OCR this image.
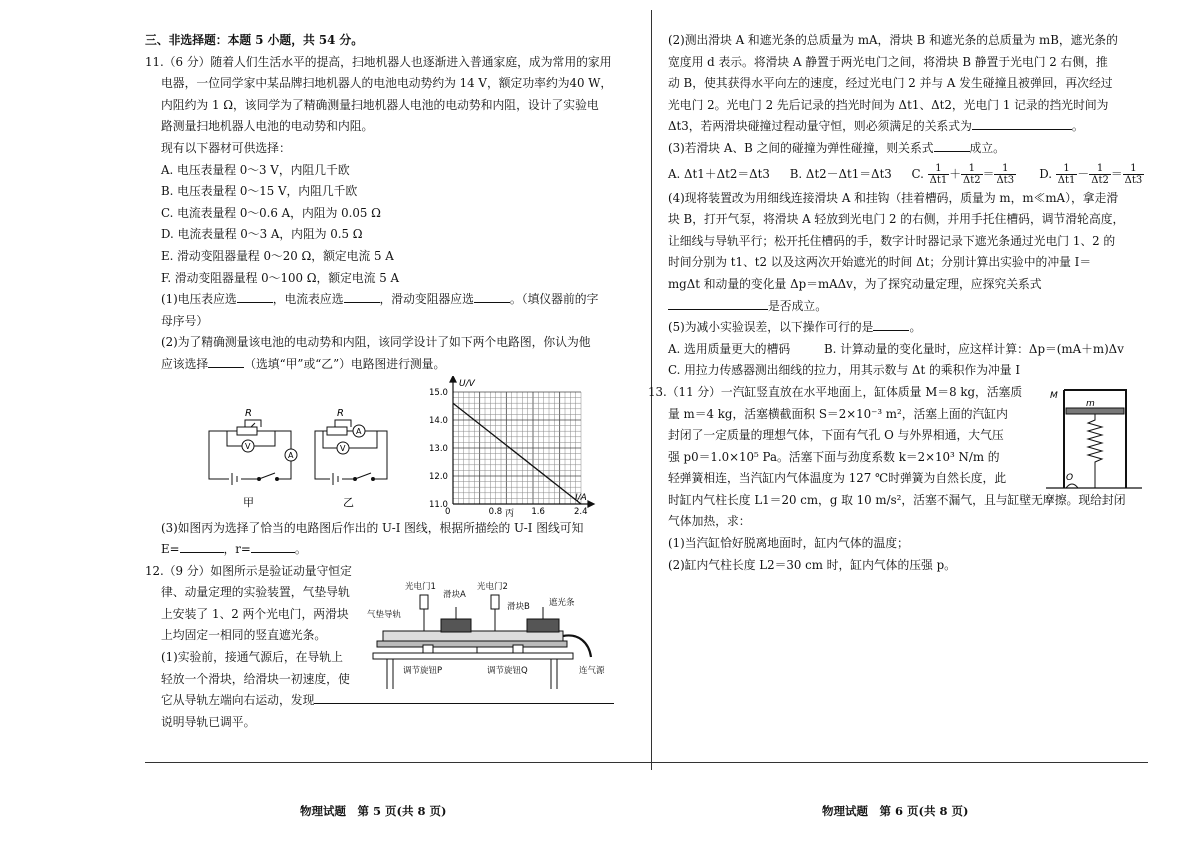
三、非选择题：本题 5 小题，共 54 分。
11.（6 分）随着人们生活水平的提高，扫地机器人也逐渐进入普通家庭，成为常用的家用
电器，一位同学家中某品牌扫地机器人的电池电动势约为 14 V，额定功率约为40 W，
内阻约为 1 Ω，该同学为了精确测量扫地机器人电池的电动势和内阻，设计了实验电
路测量扫地机器人电池的电动势和内阻。
现有以下器材可供选择：
A. 电压表量程 0～3 V，内阻几千欧
B. 电压表量程 0～15 V，内阻几千欧
C. 电流表量程 0～0.6 A，内阻为 0.05 Ω
D. 电流表量程 0～3 A，内阻为 0.5 Ω
E. 滑动变阻器量程 0～20 Ω，额定电流 5 A
F. 滑动变阻器量程 0～100 Ω，额定电流 5 A
(1)电压表应选	，电流表应选	，滑动变阻器应选	。（填仪器前的字
母序号）
(2)为了精确测量该电池的电动势和内阻，该同学设计了如下两个电路图，你认为他
应该选择	（选填“甲”或“乙”）电路图进行测量。
R
V
A
甲
R
A
V
乙
0.8	1.6	2.4
11.0
12.0
13.0
14.0
15.0
U/V
I/A
0	丙
(3)如图丙为选择了恰当的电路图后作出的 U-I 图线，根据所描绘的 U-I 图线可知
E=	，r=	。
12.（9 分）如图所示是验证动量守恒定
律、动量定理的实验装置，气垫导轨
上安装了 1、2 两个光电门，两滑块
上均固定一相同的竖直遮光条。
(1)实验前，接通气源后，在导轨上
轻放一个滑块，给滑块一初速度，使
它从导轨左端向右运动，发现
说明导轨已调平。
光电门1
滑块A
光电门2
气垫导轨
滑块B 遮光条
连气源
调节旋钮P	调节旋钮Q
(2)测出滑块 A 和遮光条的总质量为 mA，滑块 B 和遮光条的总质量为 mB，遮光条的
宽度用 d 表示。将滑块 A 静置于两光电门之间，将滑块 B 静置于光电门 2 右侧，推
动 B，使其获得水平向左的速度，经过光电门 2 并与 A 发生碰撞且被弹回，再次经过
光电门 2。光电门 2 先后记录的挡光时间为 Δt1、Δt2，光电门 1 记录的挡光时间为
Δt3，若两滑块碰撞过程动量守恒，则必须满足的关系式为	。
(3)若滑块 A、B 之间的碰撞为弹性碰撞，则关系式	成立。
A. Δt1＋Δt2＝Δt3 B. Δt2－Δt1＝Δt3 C. $\frac{1}{\Delta t1} + \frac{1}{\Delta t2} = \frac{1}{\Delta t3} D$. $\frac{1}{\Delta t1} - \frac{1}{\Delta t2} = \frac{1}{\Delta t3}$
(4)现将装置改为用细线连接滑块 A 和挂钩（挂着槽码，质量为 m，m≪mA），拿走滑
块 B，打开气泵，将滑块 A 轻放到光电门 2 的右侧，并用手托住槽码，调节滑轮高度，
让细线与导轨平行；松开托住槽码的手，数字计时器记录下遮光条通过光电门 1、2 的
时间分别为 t1、t2 以及这两次开始遮光的时间 Δt；分别计算出实验中的冲量 I＝
mgΔt 和动量的变化量 Δp＝mAΔv，为了探究动量定理，应探究关系式
是否成立。
(5)为减小实验误差，以下操作可行的是	。
A. 选用质量更大的槽码	B. 计算动量的变化量时，应这样计算：Δp＝(mA＋m)Δv
C. 用拉力传感器测出细线的拉力，用其示数与 Δt 的乘积作为冲量 I
13.（11 分）一汽缸竖直放在水平地面上，缸体质量 M＝8 kg，活塞质
量 m＝4 kg，活塞横截面积 S＝2×10⁻³ m²，活塞上面的汽缸内
封闭了一定质量的理想气体，下面有气孔 O 与外界相通，大气压
强 p0＝1.0×10⁵ Pa。活塞下面与劲度系数 k＝2×10³ N/m 的
轻弹簧相连，当汽缸内气体温度为 127 ℃时弹簧为自然长度，此
时缸内气柱长度 L1＝20 cm，g 取 10 m/s²，活塞不漏气，且与缸壁无摩擦。现给封闭
气体加热，求：
(1)当汽缸恰好脱离地面时，缸内气体的温度；
(2)缸内气柱长度 L2＝30 cm 时，缸内气体的压强 p。
M
m
O
物理试题　第 5 页(共 8 页)	物理试题　第 6 页(共 8 页)
